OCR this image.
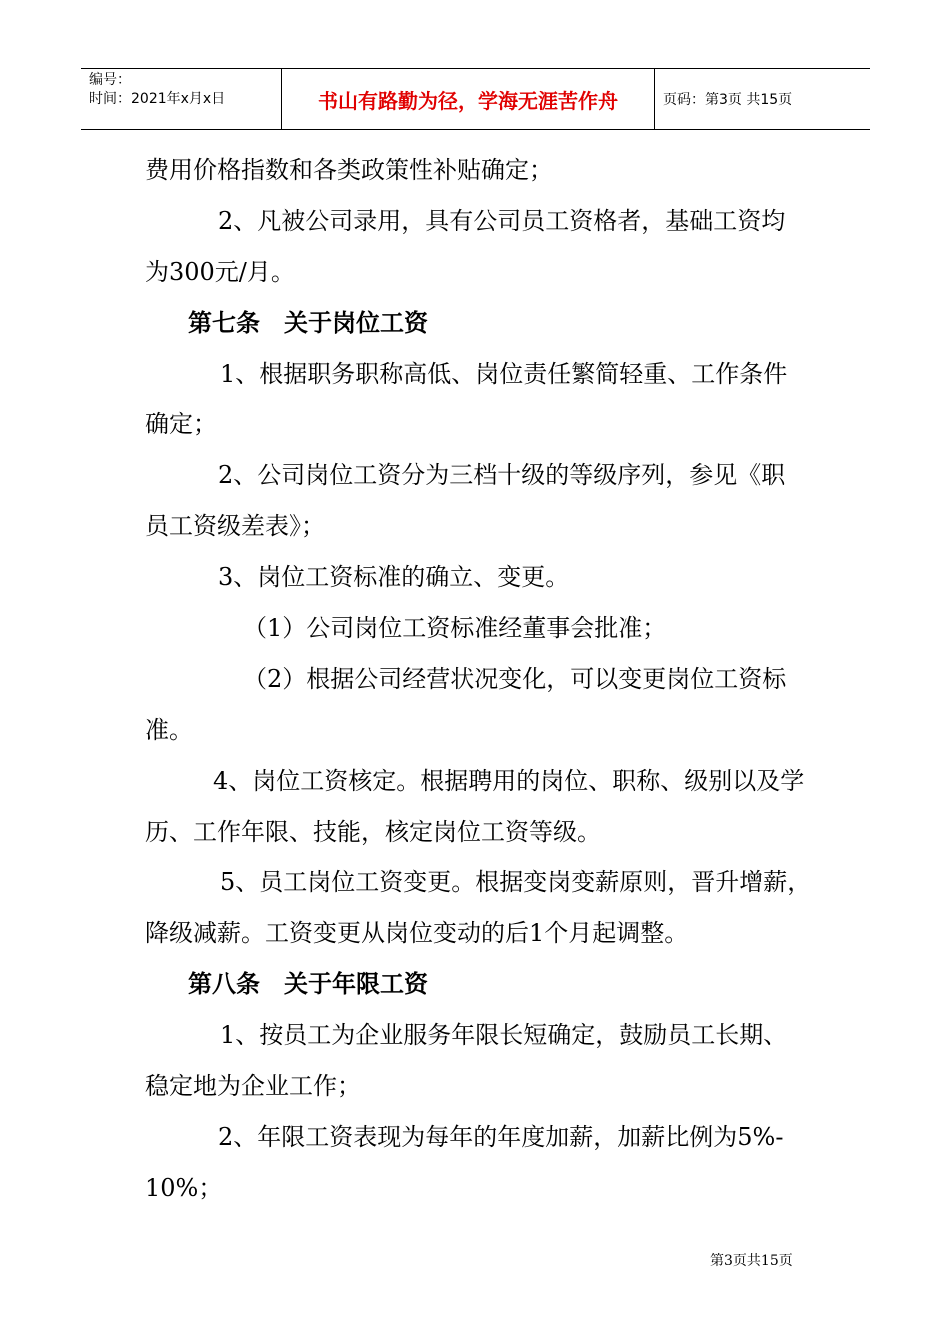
编号：
时间：2021年x月x日	书山有路勤为径，学海无涯苦作舟	页码：第3页 共15页
费用价格指数和各类政策性补贴确定；
2、凡被公司录用，具有公司员工资格者，基础工资均
为300元/月。
第七条　关于岗位工资
1、根据职务职称高低、岗位责任繁简轻重、工作条件
确定；
2、公司岗位工资分为三档十级的等级序列，参见《职
员工资级差表》；
3、岗位工资标准的确立、变更。
（1）公司岗位工资标准经董事会批准；
（2）根据公司经营状况变化，可以变更岗位工资标
准。
4、岗位工资核定。根据聘用的岗位、职称、级别以及学
历、工作年限、技能，核定岗位工资等级。
5、员工岗位工资变更。根据变岗变薪原则，晋升增薪，
降级减薪。工资变更从岗位变动的后1个月起调整。
第八条　关于年限工资
1、按员工为企业服务年限长短确定，鼓励员工长期、
稳定地为企业工作；
2、年限工资表现为每年的年度加薪，加薪比例为5%-
10%；
第3页共15页
